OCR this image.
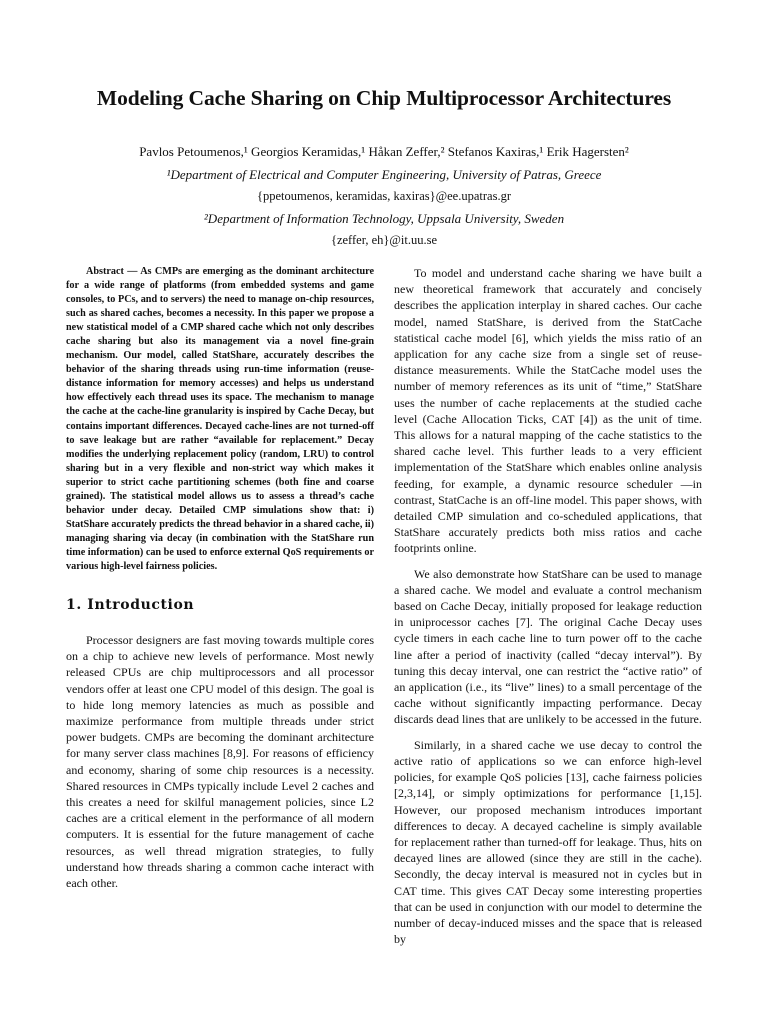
Modeling Cache Sharing on Chip Multiprocessor Architectures
Pavlos Petoumenos,¹ Georgios Keramidas,¹ Håkan Zeffer,² Stefanos Kaxiras,¹ Erik Hagersten²
¹Department of Electrical and Computer Engineering, University of Patras, Greece
{ppetoumenos, keramidas, kaxiras}@ee.upatras.gr
²Department of Information Technology, Uppsala University, Sweden
{zeffer, eh}@it.uu.se

Abstract — As CMPs are emerging as the dominant architecture for a wide range of platforms (from embedded systems and game consoles, to PCs, and to servers) the need to manage on-chip resources, such as shared caches, becomes a necessity. In this paper we propose a new statistical model of a CMP shared cache which not only describes cache sharing but also its management via a novel fine-grain mechanism. Our model, called StatShare, accurately describes the behavior of the sharing threads using run-time information (reuse-distance information for memory accesses) and helps us understand how effectively each thread uses its space. The mechanism to manage the cache at the cache-line granularity is inspired by Cache Decay, but contains important differences. Decayed cache-lines are not turned-off to save leakage but are rather “available for replacement.” Decay modifies the underlying replacement policy (random, LRU) to control sharing but in a very flexible and non-strict way which makes it superior to strict cache partitioning schemes (both fine and coarse grained). The statistical model allows us to assess a thread’s cache behavior under decay. Detailed CMP simulations show that: i) StatShare accurately predicts the thread behavior in a shared cache, ii) managing sharing via decay (in combination with the StatShare run time information) can be used to enforce external QoS requirements or various high-level fairness policies.

1. Introduction

Processor designers are fast moving towards multiple cores on a chip to achieve new levels of performance. Most newly released CPUs are chip multiprocessors and all processor vendors offer at least one CPU model of this design. The goal is to hide long memory latencies as much as possible and maximize performance from multiple threads under strict power budgets. CMPs are becoming the dominant architecture for many server class machines [8,9]. For reasons of efficiency and economy, sharing of some chip resources is a necessity. Shared resources in CMPs typically include Level 2 caches and this creates a need for skilful management policies, since L2 caches are a critical element in the performance of all modern computers. It is essential for the future management of cache resources, as well thread migration strategies, to fully understand how threads sharing a common cache interact with each other.

To model and understand cache sharing we have built a new theoretical framework that accurately and concisely describes the application interplay in shared caches. Our cache model, named StatShare, is derived from the StatCache statistical cache model [6], which yields the miss ratio of an application for any cache size from a single set of reuse-distance measurements. While the StatCache model uses the number of memory references as its unit of “time,” StatShare uses the number of cache replacements at the studied cache level (Cache Allocation Ticks, CAT [4]) as the unit of time. This allows for a natural mapping of the cache statistics to the shared cache level. This further leads to a very efficient implementation of the StatShare which enables online analysis feeding, for example, a dynamic resource scheduler —in contrast, StatCache is an off-line model. This paper shows, with detailed CMP simulation and co-scheduled applications, that StatShare accurately predicts both miss ratios and cache footprints online.

We also demonstrate how StatShare can be used to manage a shared cache. We model and evaluate a control mechanism based on Cache Decay, initially proposed for leakage reduction in uniprocessor caches [7]. The original Cache Decay uses cycle timers in each cache line to turn power off to the cache line after a period of inactivity (called “decay interval”). By tuning this decay interval, one can restrict the “active ratio” of an application (i.e., its “live” lines) to a small percentage of the cache without significantly impacting performance. Decay discards dead lines that are unlikely to be accessed in the future.

Similarly, in a shared cache we use decay to control the active ratio of applications so we can enforce high-level policies, for example QoS policies [13], cache fairness policies [2,3,14], or simply optimizations for performance [1,15]. However, our proposed mechanism introduces important differences to decay. A decayed cacheline is simply available for replacement rather than turned-off for leakage. Thus, hits on decayed lines are allowed (since they are still in the cache). Secondly, the decay interval is measured not in cycles but in CAT time. This gives CAT Decay some interesting properties that can be used in conjunction with our model to determine the number of decay-induced misses and the space that is released by
